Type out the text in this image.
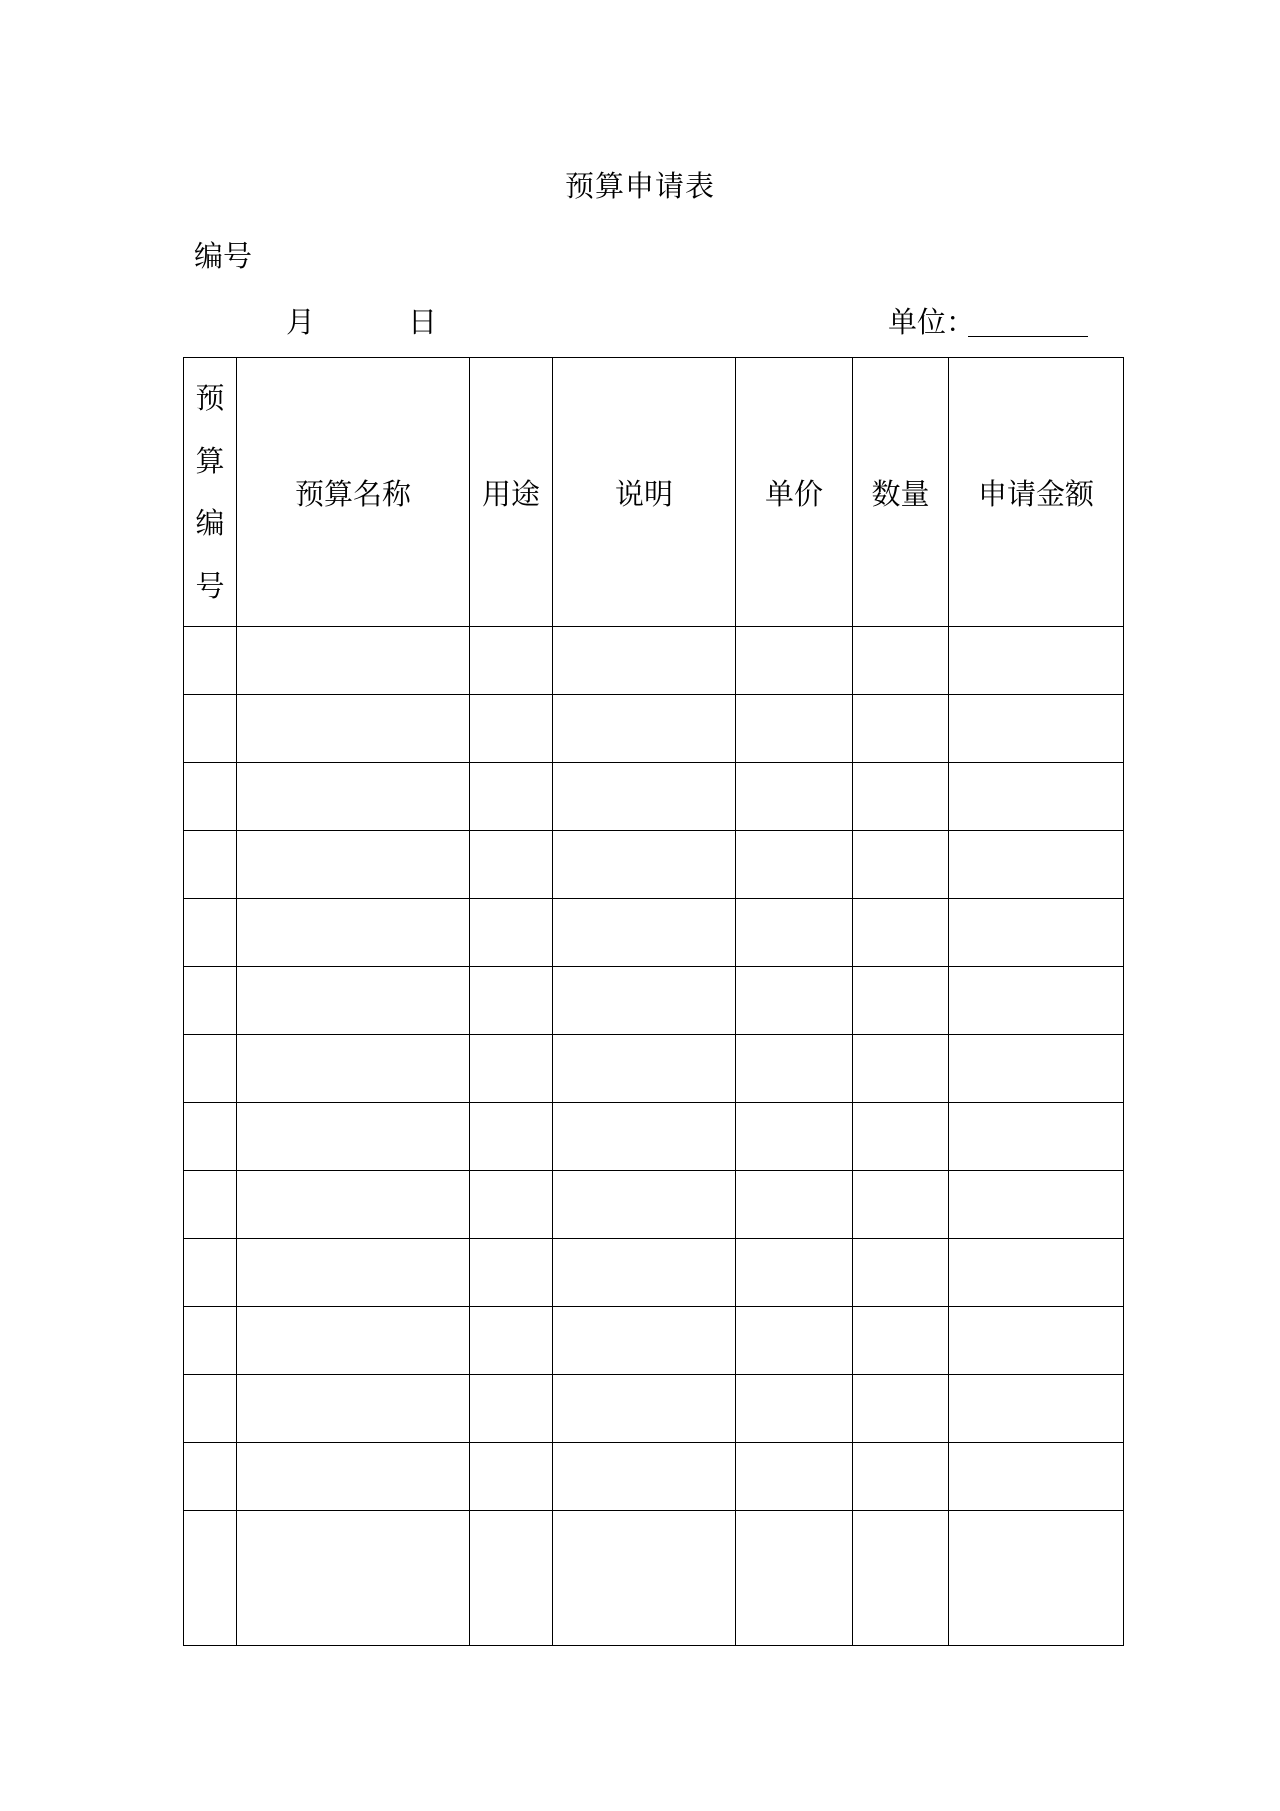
预算申请表
编号
月	日	单位：
预
算
编
号	预算名称	用途	说明	单价	数量	申请金额
